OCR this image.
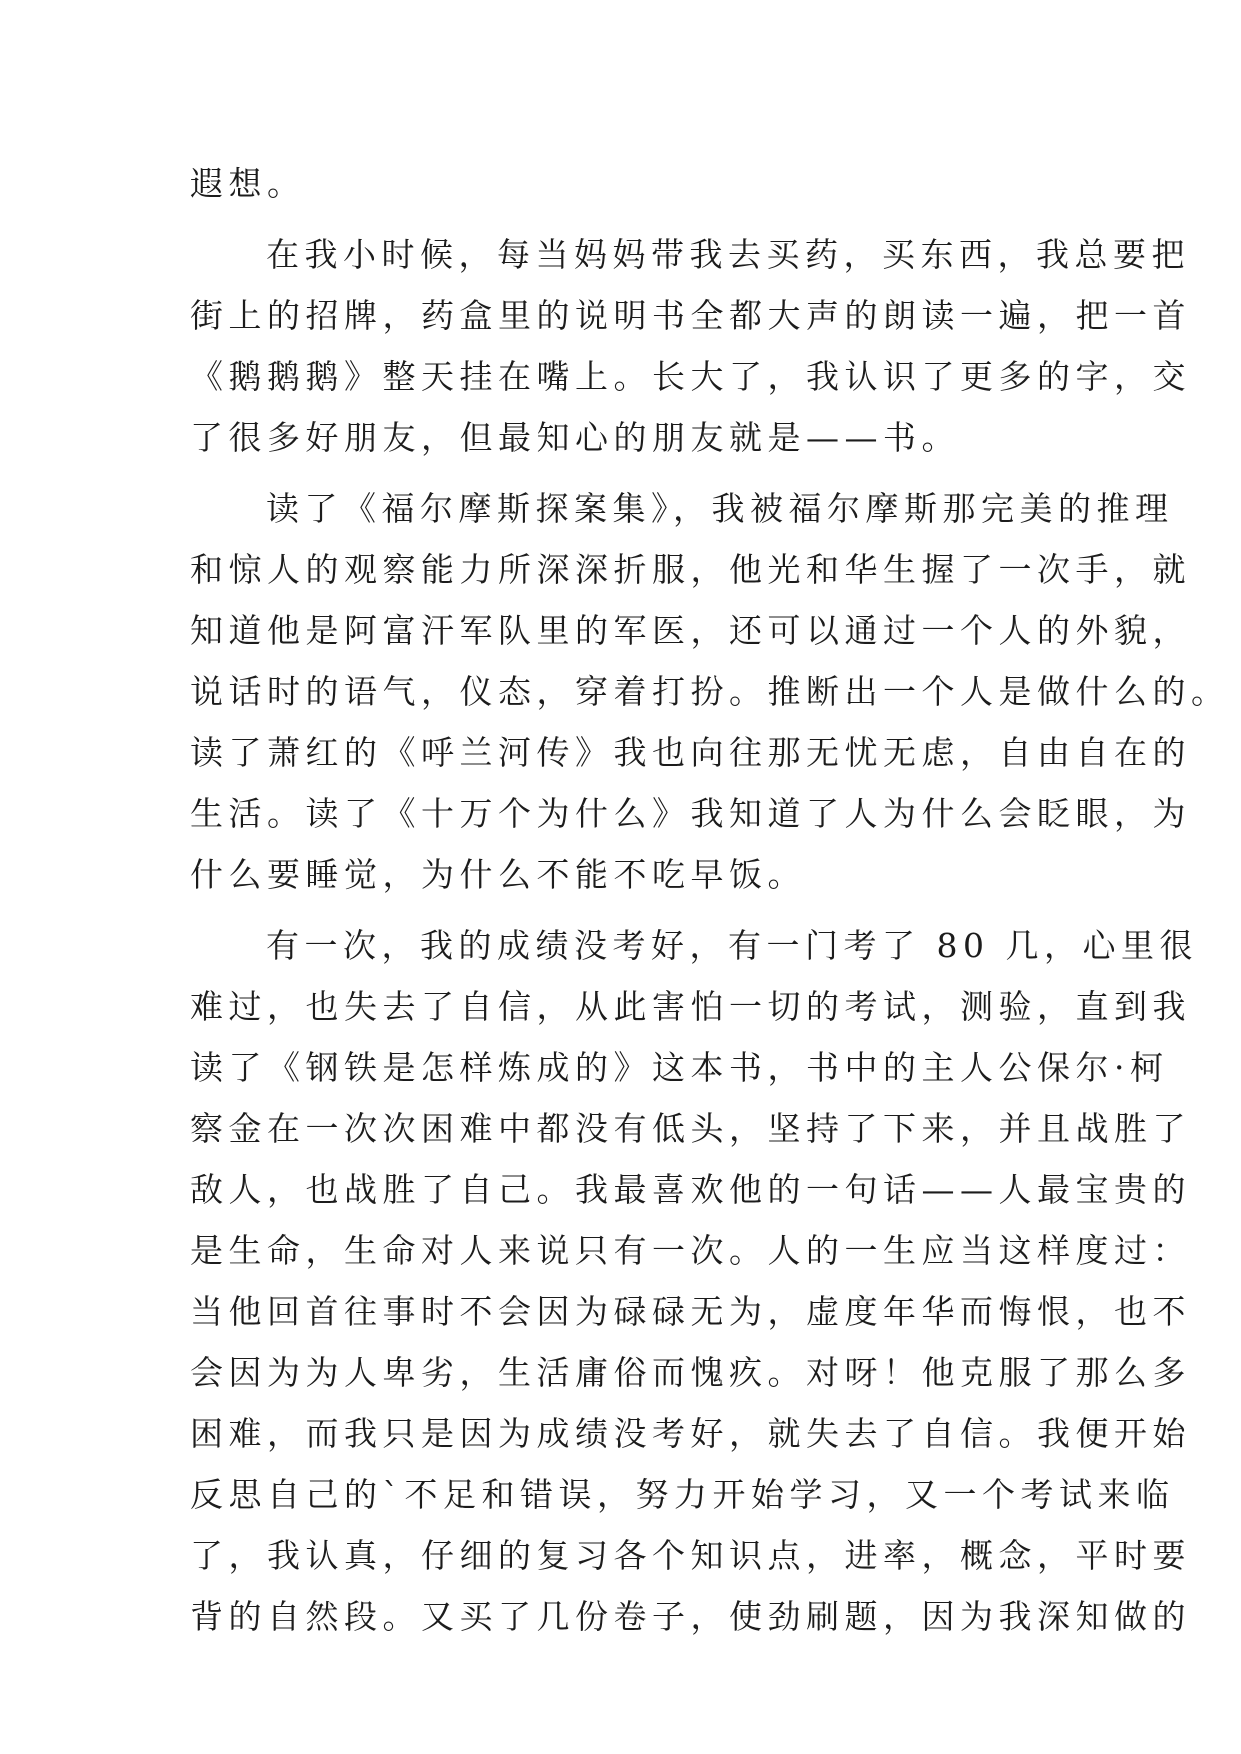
遐想。
在我小时候，每当妈妈带我去买药，买东西，我总要把
街上的招牌，药盒里的说明书全都大声的朗读一遍，把一首
《鹅鹅鹅》整天挂在嘴上。长大了，我认识了更多的字，交
了很多好朋友，但最知心的朋友就是——书。
读了《福尔摩斯探案集》，我被福尔摩斯那完美的推理
和惊人的观察能力所深深折服，他光和华生握了一次手，就
知道他是阿富汗军队里的军医，还可以通过一个人的外貌，
说话时的语气，仪态，穿着打扮。推断出一个人是做什么的。
读了萧红的《呼兰河传》我也向往那无忧无虑，自由自在的
生活。读了《十万个为什么》我知道了人为什么会眨眼，为
什么要睡觉，为什么不能不吃早饭。
有一次，我的成绩没考好，有一门考了 80 几，心里很
难过，也失去了自信，从此害怕一切的考试，测验，直到我
读了《钢铁是怎样炼成的》这本书，书中的主人公保尔·柯
察金在一次次困难中都没有低头，坚持了下来，并且战胜了
敌人，也战胜了自己。我最喜欢他的一句话——人最宝贵的
是生命，生命对人来说只有一次。人的一生应当这样度过：
当他回首往事时不会因为碌碌无为，虚度年华而悔恨，也不
会因为为人卑劣，生活庸俗而愧疚。对呀！他克服了那么多
困难，而我只是因为成绩没考好，就失去了自信。我便开始
反思自己的`不足和错误，努力开始学习，又一个考试来临
了，我认真，仔细的复习各个知识点，进率，概念，平时要
背的自然段。又买了几份卷子，使劲刷题，因为我深知做的
